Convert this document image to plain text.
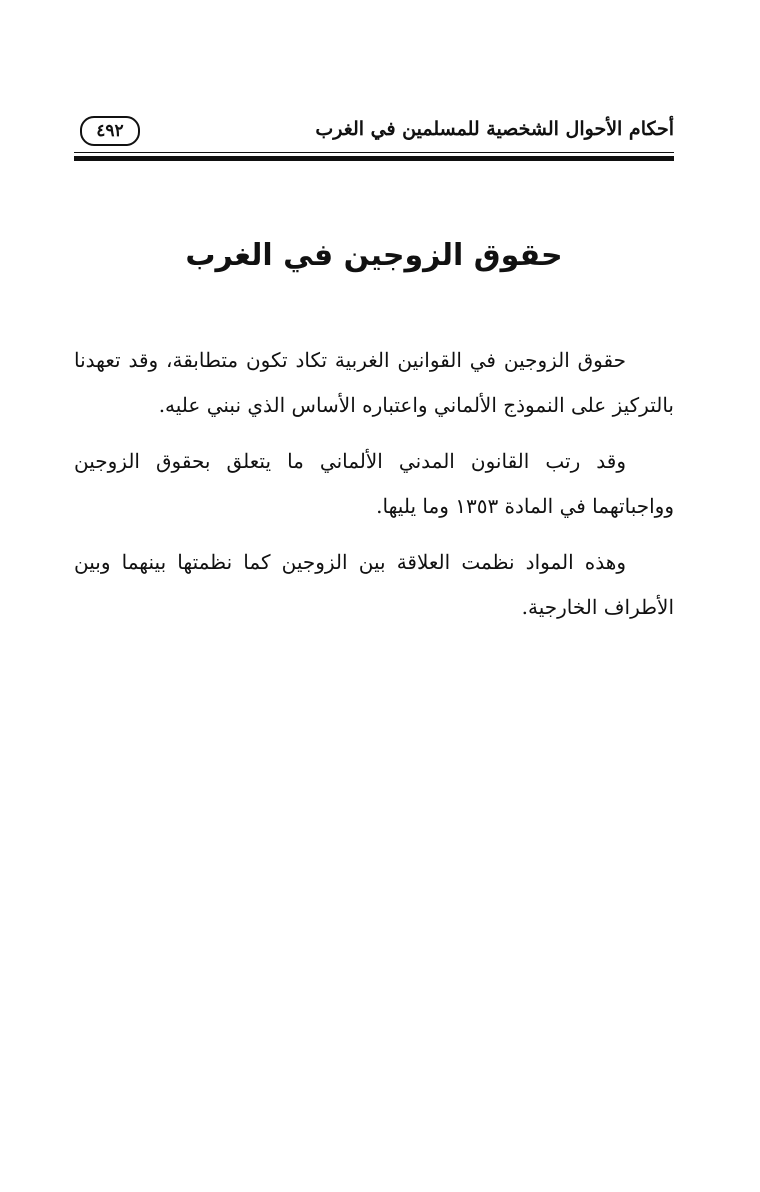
أحكام الأحوال الشخصية للمسلمين في الغرب
٤٩٢
حقوق الزوجين في الغرب

حقوق الزوجين في القوانين الغربية تكاد تكون متطابقة، وقد تعهدنا بالتركيز على النموذج الألماني واعتباره الأساس الذي نبني عليه.

وقد رتب القانون المدني الألماني ما يتعلق بحقوق الزوجين وواجباتهما في المادة ١٣٥٣ وما يليها.

وهذه المواد نظمت العلاقة بين الزوجين كما نظمتها بينهما وبين الأطراف الخارجية.
